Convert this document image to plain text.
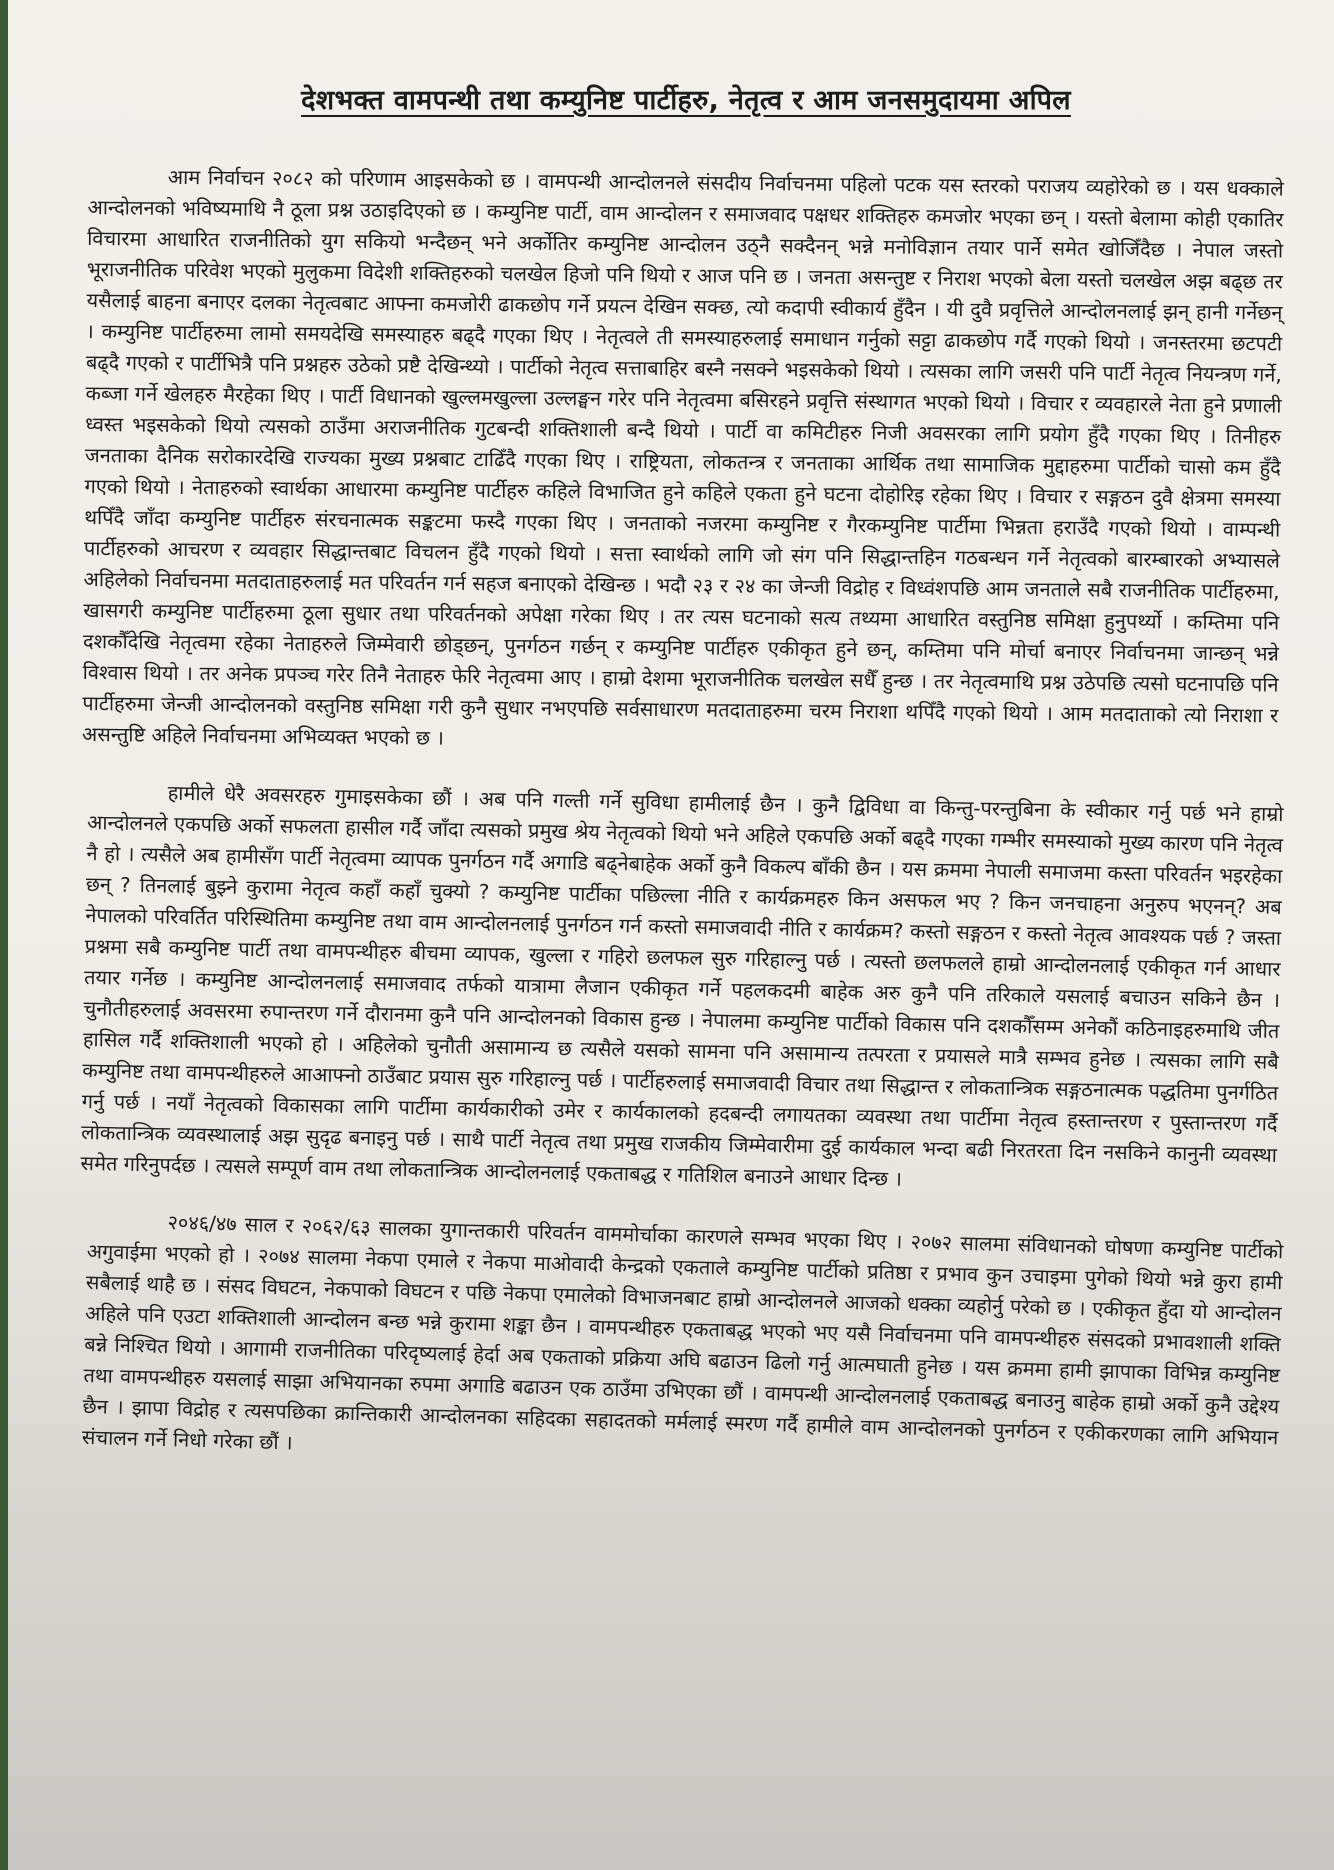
देशभक्त वामपन्थी तथा कम्युनिष्ट पार्टीहरु, नेतृत्व र आम जनसमुदायमा अपिल

आम निर्वाचन २०८२ को परिणाम आइसकेको छ । वामपन्थी आन्दोलनले संसदीय निर्वाचनमा पहिलो पटक यस स्तरको पराजय व्यहोरेको छ । यस धक्काले आन्दोलनको भविष्यमाथि नै ठूला प्रश्न उठाइदिएको छ । कम्युनिष्ट पार्टी, वाम आन्दोलन र समाजवाद पक्षधर शक्तिहरु कमजोर भएका छन् । यस्तो बेलामा कोही एकातिर विचारमा आधारित राजनीतिको युग सकियो भन्दैछन् भने अर्कोतिर कम्युनिष्ट आन्दोलन उठ्नै सक्दैनन् भन्ने मनोविज्ञान तयार पार्ने समेत खोजिँदैछ । नेपाल जस्तो भूराजनीतिक परिवेश भएको मुलुकमा विदेशी शक्तिहरुको चलखेल हिजो पनि थियो र आज पनि छ । जनता असन्तुष्ट र निराश भएको बेला यस्तो चलखेल अझ बढ्छ तर यसैलाई बाहना बनाएर दलका नेतृत्वबाट आफ्ना कमजोरी ढाकछोप गर्ने प्रयत्न देखिन सक्छ, त्यो कदापी स्वीकार्य हुँदैन । यी दुवै प्रवृत्तिले आन्दोलनलाई झन् हानी गर्नेछन् । कम्युनिष्ट पार्टीहरुमा लामो समयदेखि समस्याहरु बढ्दै गएका थिए । नेतृत्वले ती समस्याहरुलाई समाधान गर्नुको सट्टा ढाकछोप गर्दै गएको थियो । जनस्तरमा छटपटी बढ्दै गएको र पार्टीभित्रै पनि प्रश्नहरु उठेको प्रष्टै देखिन्थ्यो । पार्टीको नेतृत्व सत्ताबाहिर बस्नै नसक्ने भइसकेको थियो । त्यसका लागि जसरी पनि पार्टी नेतृत्व नियन्त्रण गर्ने, कब्जा गर्ने खेलहरु मैरहेका थिए । पार्टी विधानको खुल्लमखुल्ला उल्लङ्घन गरेर पनि नेतृत्वमा बसिरहने प्रवृत्ति संस्थागत भएको थियो । विचार र व्यवहारले नेता हुने प्रणाली ध्वस्त भइसकेको थियो त्यसको ठाउँमा अराजनीतिक गुटबन्दी शक्तिशाली बन्दै थियो । पार्टी वा कमिटीहरु निजी अवसरका लागि प्रयोग हुँदै गएका थिए । तिनीहरु जनताका दैनिक सरोकारदेखि राज्यका मुख्य प्रश्नबाट टाढिँदै गएका थिए । राष्ट्रियता, लोकतन्त्र र जनताका आर्थिक तथा सामाजिक मुद्दाहरुमा पार्टीको चासो कम हुँदै गएको थियो । नेताहरुको स्वार्थका आधारमा कम्युनिष्ट पार्टीहरु कहिले विभाजित हुने कहिले एकता हुने घटना दोहोरिइ रहेका थिए । विचार र सङ्गठन दुवै क्षेत्रमा समस्या थपिँदै जाँदा कम्युनिष्ट पार्टीहरु संरचनात्मक सङ्कटमा फस्दै गएका थिए । जनताको नजरमा कम्युनिष्ट र गैरकम्युनिष्ट पार्टीमा भिन्नता हराउँदै गएको थियो । वाम्पन्थी पार्टीहरुको आचरण र व्यवहार सिद्धान्तबाट विचलन हुँदै गएको थियो । सत्ता स्वार्थको लागि जो संग पनि सिद्धान्तहिन गठबन्धन गर्ने नेतृत्वको बारम्बारको अभ्यासले अहिलेको निर्वाचनमा मतदाताहरुलाई मत परिवर्तन गर्न सहज बनाएको देखिन्छ । भदौ २३ र २४ का जेन्जी विद्रोह र विध्वंशपछि आम जनताले सबै राजनीतिक पार्टीहरुमा, खासगरी कम्युनिष्ट पार्टीहरुमा ठूला सुधार तथा परिवर्तनको अपेक्षा गरेका थिए । तर त्यस घटनाको सत्य तथ्यमा आधारित वस्तुनिष्ठ समिक्षा हुनुपर्थ्यो । कम्तिमा पनि दशकौँदेखि नेतृत्वमा रहेका नेताहरुले जिम्मेवारी छोड्छन्, पुनर्गठन गर्छन् र कम्युनिष्ट पार्टीहरु एकीकृत हुने छन्, कम्तिमा पनि मोर्चा बनाएर निर्वाचनमा जान्छन् भन्ने विश्वास थियो । तर अनेक प्रपञ्च गरेर तिनै नेताहरु फेरि नेतृत्वमा आए । हाम्रो देशमा भूराजनीतिक चलखेल सधैँ हुन्छ । तर नेतृत्वमाथि प्रश्न उठेपछि त्यसो घटनापछि पनि पार्टीहरुमा जेन्जी आन्दोलनको वस्तुनिष्ठ समिक्षा गरी कुनै सुधार नभएपछि सर्वसाधारण मतदाताहरुमा चरम निराशा थपिँदै गएको थियो । आम मतदाताको त्यो निराशा र असन्तुष्टि अहिले निर्वाचनमा अभिव्यक्त भएको छ ।

हामीले धेरै अवसरहरु गुमाइसकेका छौं । अब पनि गल्ती गर्ने सुविधा हामीलाई छैन । कुनै द्विविधा वा किन्तु-परन्तुबिना के स्वीकार गर्नु पर्छ भने हाम्रो आन्दोलनले एकपछि अर्को सफलता हासील गर्दै जाँदा त्यसको प्रमुख श्रेय नेतृत्वको थियो भने अहिले एकपछि अर्को बढ्दै गएका गम्भीर समस्याको मुख्य कारण पनि नेतृत्व नै हो । त्यसैले अब हामीसँग पार्टी नेतृत्वमा व्यापक पुनर्गठन गर्दै अगाडि बढ्नेबाहेक अर्को कुनै विकल्प बाँकी छैन । यस क्रममा नेपाली समाजमा कस्ता परिवर्तन भइरहेका छन् ? तिनलाई बुझ्ने कुरामा नेतृत्व कहाँ कहाँ चुक्यो ? कम्युनिष्ट पार्टीका पछिल्ला नीति र कार्यक्रमहरु किन असफल भए ? किन जनचाहना अनुरुप भएनन्? अब नेपालको परिवर्तित परिस्थितिमा कम्युनिष्ट तथा वाम आन्दोलनलाई पुनर्गठन गर्न कस्तो समाजवादी नीति र कार्यक्रम? कस्तो सङ्गठन र कस्तो नेतृत्व आवश्यक पर्छ ? जस्ता प्रश्नमा सबै कम्युनिष्ट पार्टी तथा वामपन्थीहरु बीचमा व्यापक, खुल्ला र गहिरो छलफल सुरु गरिहाल्नु पर्छ । त्यस्तो छलफलले हाम्रो आन्दोलनलाई एकीकृत गर्न आधार तयार गर्नेछ । कम्युनिष्ट आन्दोलनलाई समाजवाद तर्फको यात्रामा लैजान एकीकृत गर्ने पहलकदमी बाहेक अरु कुनै पनि तरिकाले यसलाई बचाउन सकिने छैन । चुनौतीहरुलाई अवसरमा रुपान्तरण गर्ने दौरानमा कुनै पनि आन्दोलनको विकास हुन्छ । नेपालमा कम्युनिष्ट पार्टीको विकास पनि दशकौँसम्म अनेकौं कठिनाइहरुमाथि जीत हासिल गर्दै शक्तिशाली भएको हो । अहिलेको चुनौती असामान्य छ त्यसैले यसको सामना पनि असामान्य तत्परता र प्रयासले मात्रै सम्भव हुनेछ । त्यसका लागि सबै कम्युनिष्ट तथा वामपन्थीहरुले आआफ्नो ठाउँबाट प्रयास सुरु गरिहाल्नु पर्छ । पार्टीहरुलाई समाजवादी विचार तथा सिद्धान्त र लोकतान्त्रिक सङ्गठनात्मक पद्धतिमा पुनर्गठित गर्नु पर्छ । नयाँ नेतृत्वको विकासका लागि पार्टीमा कार्यकारीको उमेर र कार्यकालको हदबन्दी लगायतका व्यवस्था तथा पार्टीमा नेतृत्व हस्तान्तरण र पुस्तान्तरण गर्दै लोकतान्त्रिक व्यवस्थालाई अझ सुदृढ बनाइनु पर्छ । साथै पार्टी नेतृत्व तथा प्रमुख राजकीय जिम्मेवारीमा दुई कार्यकाल भन्दा बढी निरतरता दिन नसकिने कानुनी व्यवस्था समेत गरिनुपर्दछ । त्यसले सम्पूर्ण वाम तथा लोकतान्त्रिक आन्दोलनलाई एकताबद्ध र गतिशिल बनाउने आधार दिन्छ ।

२०४६/४७ साल र २०६२/६३ सालका युगान्तकारी परिवर्तन वाममोर्चाका कारणले सम्भव भएका थिए । २०७२ सालमा संविधानको घोषणा कम्युनिष्ट पार्टीको अगुवाईमा भएको हो । २०७४ सालमा नेकपा एमाले र नेकपा माओवादी केन्द्रको एकताले कम्युनिष्ट पार्टीको प्रतिष्ठा र प्रभाव कुन उचाइमा पुगेको थियो भन्ने कुरा हामी सबैलाई थाहै छ । संसद विघटन, नेकपाको विघटन र पछि नेकपा एमालेको विभाजनबाट हाम्रो आन्दोलनले आजको धक्का व्यहोर्नु परेको छ । एकीकृत हुँदा यो आन्दोलन अहिले पनि एउटा शक्तिशाली आन्दोलन बन्छ भन्ने कुरामा शङ्का छैन । वामपन्थीहरु एकताबद्ध भएको भए यसै निर्वाचनमा पनि वामपन्थीहरु संसदको प्रभावशाली शक्ति बन्ने निश्चित थियो । आगामी राजनीतिका परिदृष्यलाई हेर्दा अब एकताको प्रक्रिया अघि बढाउन ढिलो गर्नु आत्मघाती हुनेछ । यस क्रममा हामी झापाका विभिन्न कम्युनिष्ट तथा वामपन्थीहरु यसलाई साझा अभियानका रुपमा अगाडि बढाउन एक ठाउँमा उभिएका छौं । वामपन्थी आन्दोलनलाई एकताबद्ध बनाउनु बाहेक हाम्रो अर्को कुनै उद्देश्य छैन । झापा विद्रोह र त्यसपछिका क्रान्तिकारी आन्दोलनका सहिदका सहादतको मर्मलाई स्मरण गर्दै हामीले वाम आन्दोलनको पुनर्गठन र एकीकरणका लागि अभियान संचालन गर्ने निधो गरेका छौं ।
